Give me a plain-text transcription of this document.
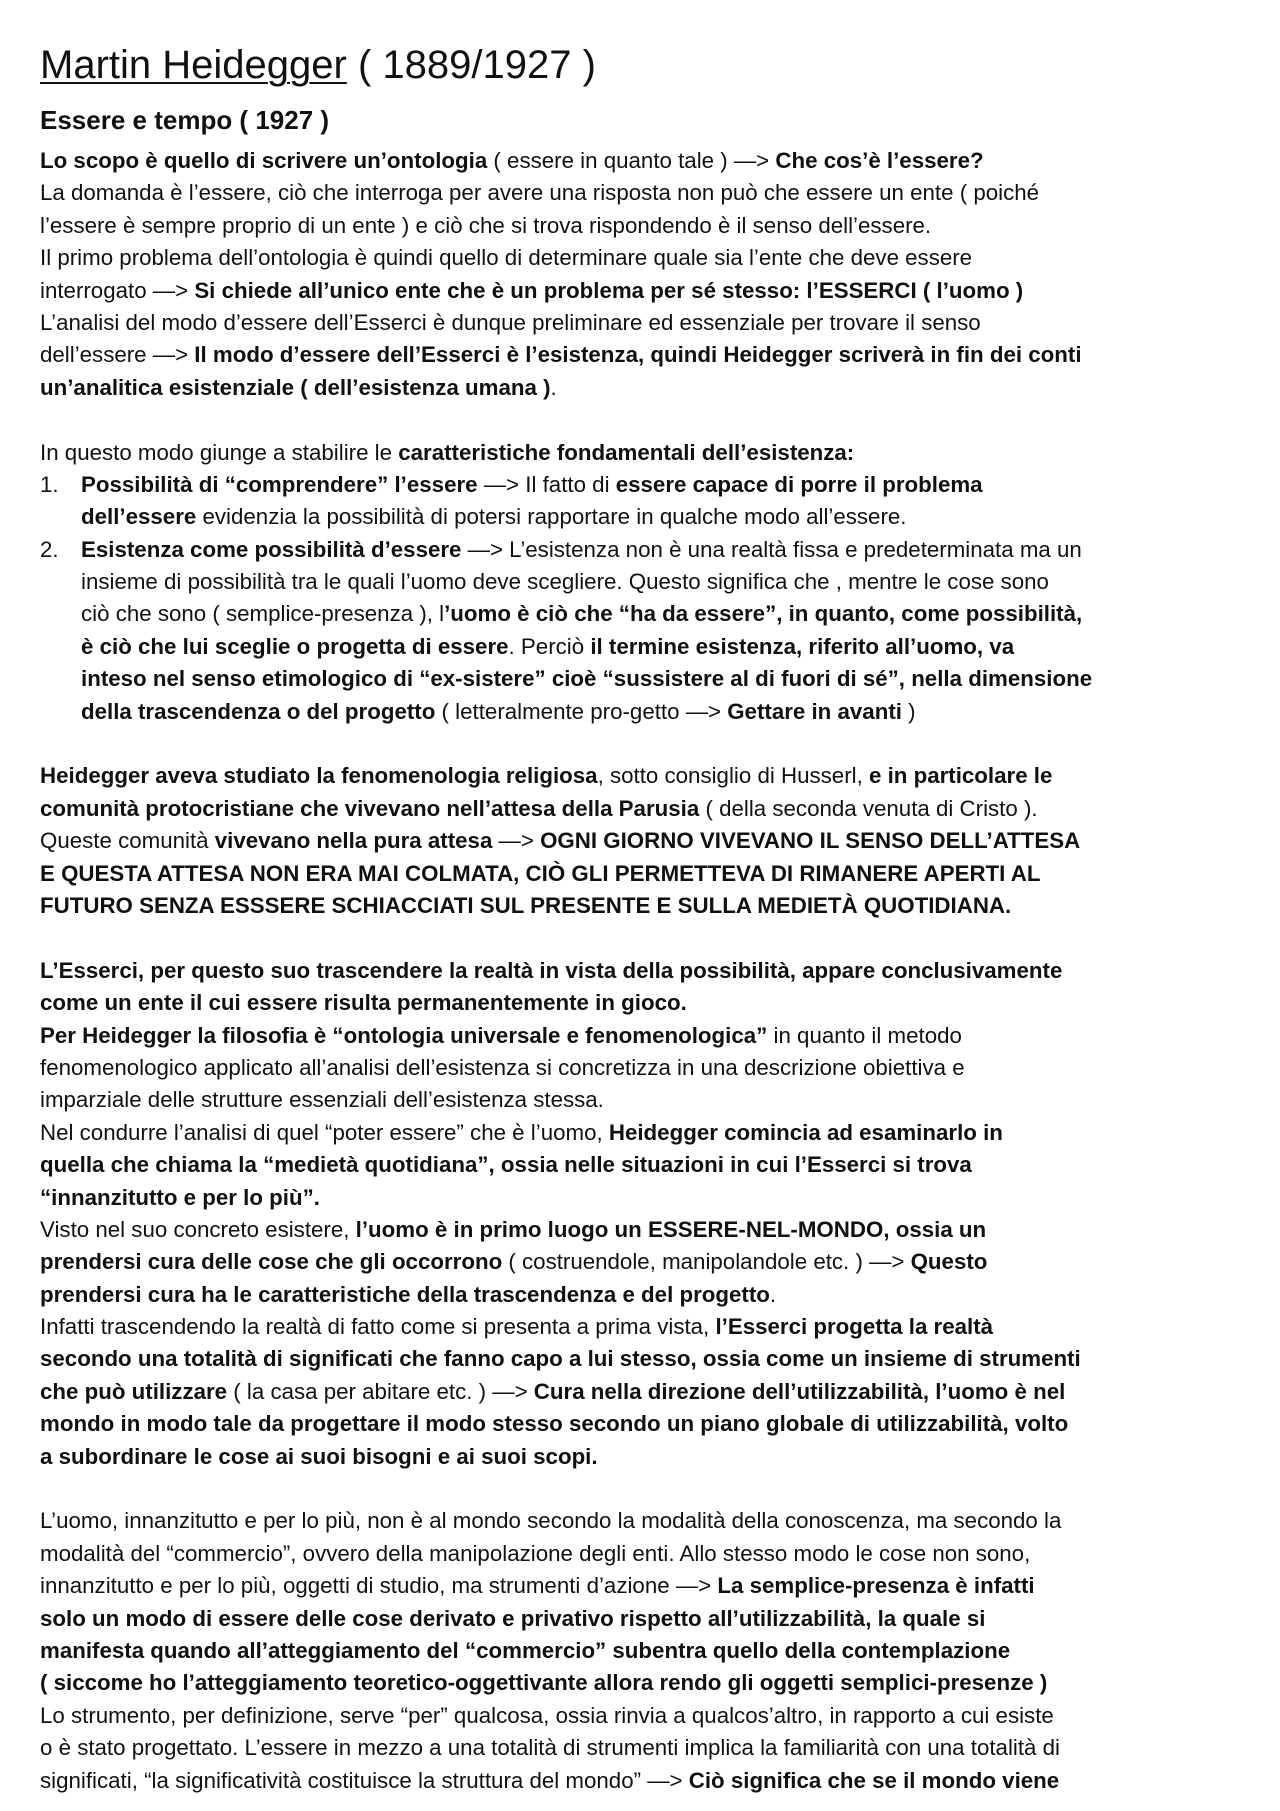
Martin Heidegger ( 1889/1927 )
Essere e tempo ( 1927 )
Lo scopo è quello di scrivere un’ontologia ( essere in quanto tale ) —> Che cos’è l’essere?
La domanda è l’essere, ciò che interroga per avere una risposta non può che essere un ente ( poiché
l’essere è sempre proprio di un ente ) e ciò che si trova rispondendo è il senso dell’essere.
Il primo problema dell’ontologia è quindi quello di determinare quale sia l’ente che deve essere
interrogato —> Si chiede all’unico ente che è un problema per sé stesso: l’ESSERCI ( l’uomo )
L’analisi del modo d’essere dell’Esserci è dunque preliminare ed essenziale per trovare il senso
dell’essere —> Il modo d’essere dell’Esserci è l’esistenza, quindi Heidegger scriverà in fin dei conti
un’analitica esistenziale ( dell’esistenza umana ).
In questo modo giunge a stabilire le caratteristiche fondamentali dell’esistenza:
1. Possibilità di “comprendere” l’essere —> Il fatto di essere capace di porre il problema
dell’essere evidenzia la possibilità di potersi rapportare in qualche modo all’essere.
2. Esistenza come possibilità d’essere —> L’esistenza non è una realtà fissa e predeterminata ma un
insieme di possibilità tra le quali l’uomo deve scegliere. Questo significa che , mentre le cose sono
ciò che sono ( semplice-presenza ), l’uomo è ciò che “ha da essere”, in quanto, come possibilità,
è ciò che lui sceglie o progetta di essere. Perciò il termine esistenza, riferito all’uomo, va
inteso nel senso etimologico di “ex-sistere” cioè “sussistere al di fuori di sé”, nella dimensione
della trascendenza o del progetto ( letteralmente pro-getto —> Gettare in avanti )
Heidegger aveva studiato la fenomenologia religiosa, sotto consiglio di Husserl, e in particolare le
comunità protocristiane che vivevano nell’attesa della Parusia ( della seconda venuta di Cristo ).
Queste comunità vivevano nella pura attesa —> OGNI GIORNO VIVEVANO IL SENSO DELL’ATTESA
E QUESTA ATTESA NON ERA MAI COLMATA, CIÒ GLI PERMETTEVA DI RIMANERE APERTI AL
FUTURO SENZA ESSSERE SCHIACCIATI SUL PRESENTE E SULLA MEDIETÀ QUOTIDIANA.
L’Esserci, per questo suo trascendere la realtà in vista della possibilità, appare conclusivamente
come un ente il cui essere risulta permanentemente in gioco.
Per Heidegger la filosofia è “ontologia universale e fenomenologica” in quanto il metodo
fenomenologico applicato all’analisi dell’esistenza si concretizza in una descrizione obiettiva e
imparziale delle strutture essenziali dell’esistenza stessa.
Nel condurre l’analisi di quel “poter essere” che è l’uomo, Heidegger comincia ad esaminarlo in
quella che chiama la “medietà quotidiana”, ossia nelle situazioni in cui l’Esserci si trova
“innanzitutto e per lo più”.
Visto nel suo concreto esistere, l’uomo è in primo luogo un ESSERE-NEL-MONDO, ossia un
prendersi cura delle cose che gli occorrono ( costruendole, manipolandole etc. ) —> Questo
prendersi cura ha le caratteristiche della trascendenza e del progetto.
Infatti trascendendo la realtà di fatto come si presenta a prima vista, l’Esserci progetta la realtà
secondo una totalità di significati che fanno capo a lui stesso, ossia come un insieme di strumenti
che può utilizzare ( la casa per abitare etc. ) —> Cura nella direzione dell’utilizzabilità, l’uomo è nel
mondo in modo tale da progettare il modo stesso secondo un piano globale di utilizzabilità, volto
a subordinare le cose ai suoi bisogni e ai suoi scopi.
L’uomo, innanzitutto e per lo più, non è al mondo secondo la modalità della conoscenza, ma secondo la
modalità del “commercio”, ovvero della manipolazione degli enti. Allo stesso modo le cose non sono,
innanzitutto e per lo più, oggetti di studio, ma strumenti d’azione —> La semplice-presenza è infatti
solo un modo di essere delle cose derivato e privativo rispetto all’utilizzabilità, la quale si
manifesta quando all’atteggiamento del “commercio” subentra quello della contemplazione
( siccome ho l’atteggiamento teoretico-oggettivante allora rendo gli oggetti semplici-presenze )
Lo strumento, per definizione, serve “per” qualcosa, ossia rinvia a qualcos’altro, in rapporto a cui esiste
o è stato progettato. L’essere in mezzo a una totalità di strumenti implica la familiarità con una totalità di
significati, “la significatività costituisce la struttura del mondo” —> Ciò significa che se il mondo viene
